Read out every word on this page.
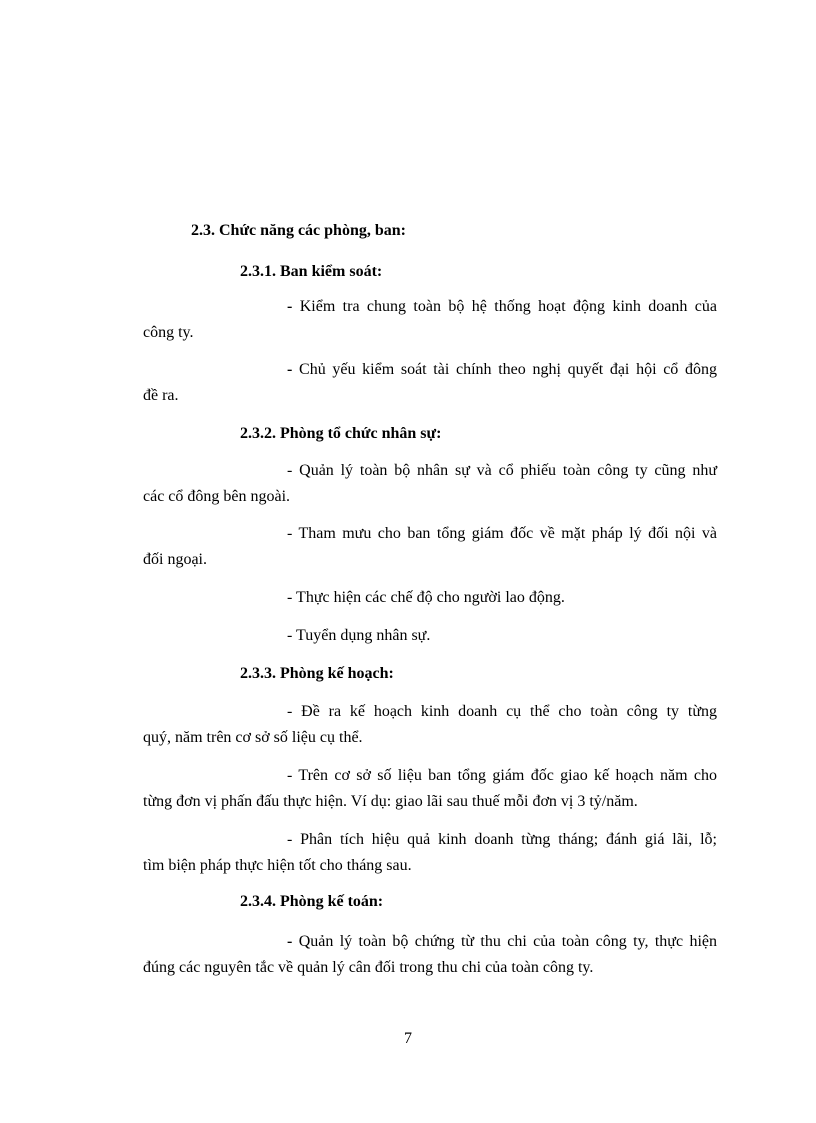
2.3. Chức năng các phòng, ban:
2.3.1. Ban kiểm soát:
- Kiểm tra chung toàn bộ hệ thống hoạt động kinh doanh của
công ty.
- Chủ yếu kiểm soát tài chính theo nghị quyết đại hội cổ đông
đề ra.
2.3.2. Phòng tổ chức nhân sự:
- Quản lý toàn bộ nhân sự và cổ phiếu toàn công ty cũng như
các cổ đông bên ngoài.
- Tham mưu cho ban tổng giám đốc về mặt pháp lý đối nội và
đối ngoại.
- Thực hiện các chế độ cho người lao động.
- Tuyển dụng nhân sự.
2.3.3. Phòng kế hoạch:
- Đề ra kế hoạch kinh doanh cụ thể cho toàn công ty từng
quý, năm trên cơ sở số liệu cụ thể.
- Trên cơ sở số liệu ban tổng giám đốc giao kế hoạch năm cho
từng đơn vị phấn đấu thực hiện. Ví dụ: giao lãi sau thuế mỗi đơn vị 3 tỷ/năm.
- Phân tích hiệu quả kinh doanh từng tháng; đánh giá lãi, lỗ;
tìm biện pháp thực hiện tốt cho tháng sau.
2.3.4. Phòng kế toán:
- Quản lý toàn bộ chứng từ thu chi của toàn công ty, thực hiện
đúng các nguyên tắc về quản lý cân đối trong thu chi của toàn công ty.
7
